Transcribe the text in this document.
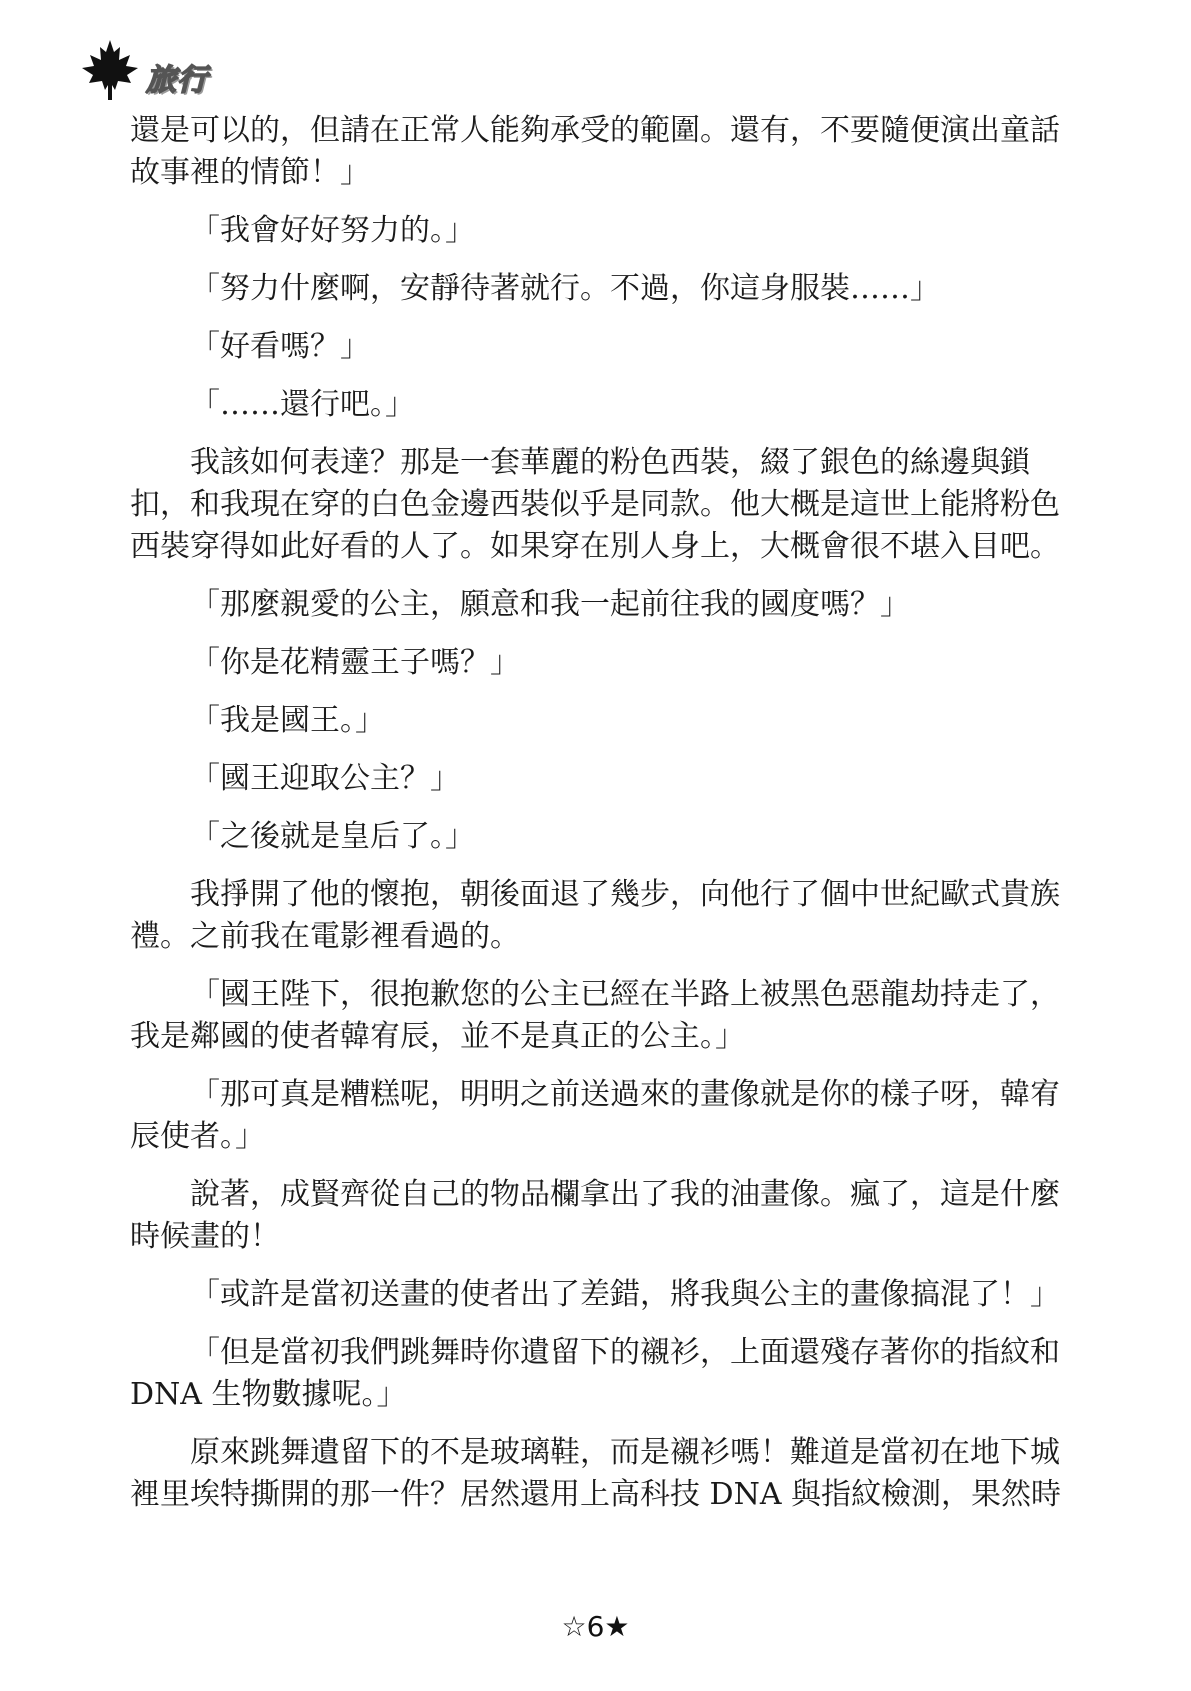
旅行

還是可以的，但請在正常人能夠承受的範圍。還有，不要隨便演出童話故事裡的情節！」

「我會好好努力的。」

「努力什麼啊，安靜待著就行。不過，你這身服裝……」

「好看嗎？」

「……還行吧。」

我該如何表達？那是一套華麗的粉色西裝，綴了銀色的絲邊與鎖扣，和我現在穿的白色金邊西裝似乎是同款。他大概是這世上能將粉色西裝穿得如此好看的人了。如果穿在別人身上，大概會很不堪入目吧。

「那麼親愛的公主，願意和我一起前往我的國度嗎？」

「你是花精靈王子嗎？」

「我是國王。」

「國王迎取公主？」

「之後就是皇后了。」

我掙開了他的懷抱，朝後面退了幾步，向他行了個中世紀歐式貴族禮。之前我在電影裡看過的。

「國王陛下，很抱歉您的公主已經在半路上被黑色惡龍劫持走了，我是鄰國的使者韓宥辰，並不是真正的公主。」

「那可真是糟糕呢，明明之前送過來的畫像就是你的樣子呀，韓宥辰使者。」

說著，成賢齊從自己的物品欄拿出了我的油畫像。瘋了，這是什麼時候畫的！

「或許是當初送畫的使者出了差錯，將我與公主的畫像搞混了！」

「但是當初我們跳舞時你遺留下的襯衫，上面還殘存著你的指紋和DNA 生物數據呢。」

原來跳舞遺留下的不是玻璃鞋，而是襯衫嗎！難道是當初在地下城裡里埃特撕開的那一件？居然還用上高科技 DNA 與指紋檢測，果然時

☆6★
